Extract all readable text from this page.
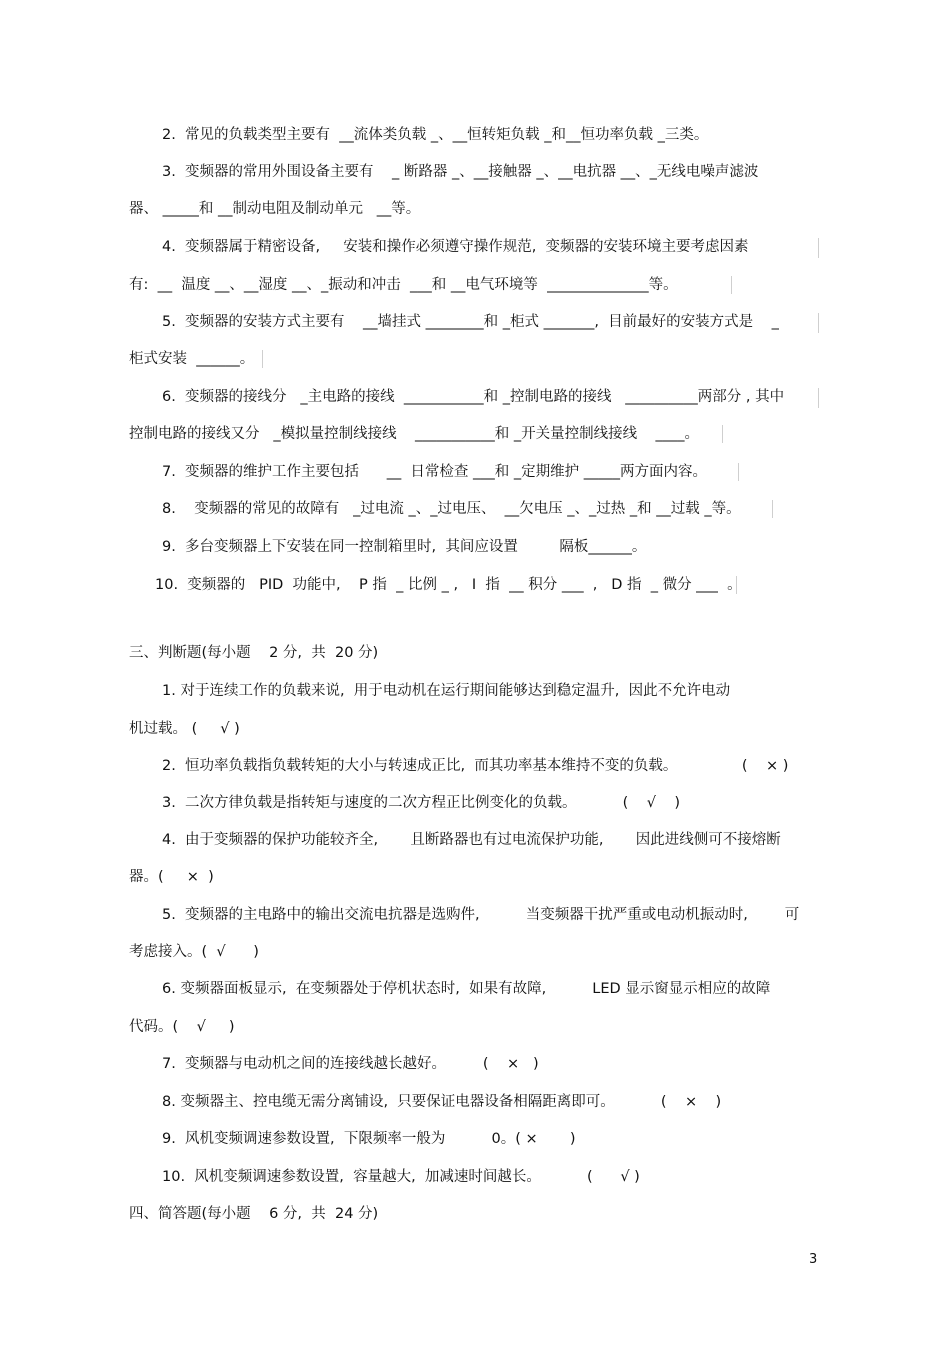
2.  常见的负载类型主要有  __流体类负载 _、__恒转矩负载 _和__恒功率负载 _三类。
3.  变频器的常用外围设备主要有    _ 断路器 _、__接触器 _、__电抗器 __、_无线电噪声滤波
器、 _____和 __制动电阻及制动单元   __等。
4.  变频器属于精密设备,     安装和操作必须遵守操作规范,  变频器的安装环境主要考虑因素
有:  __  温度 __、__湿度 __、_振动和冲击  ___和 __电气环境等  ______________等。
5.  变频器的安装方式主要有    __墙挂式 ________和 _柜式 _______,  目前最好的安装方式是    _
柜式安装  ______。
6.  变频器的接线分   _主电路的接线  ___________和 _控制电路的接线   __________两部分 , 其中
控制电路的接线又分   _模拟量控制线接线    ___________和 _开关量控制线接线    ____。
7.  变频器的维护工作主要包括      __  日常检查 ___和 _定期维护 _____两方面内容。
8.    变频器的常见的故障有   _过电流 _、_过电压、  __欠电压 _、_过热 _和 __过载 _等。
9.  多台变频器上下安装在同一控制箱里时,  其间应设置         隔板______。
10.  变频器的   PID  功能中,    P 指  _ 比例 _ ,   I  指  __ 积分 ___  ,   D 指  _ 微分 ___  。
三、判断题(每小题    2 分,  共  20 分)
1. 对于连续工作的负载来说,  用于电动机在运行期间能够达到稳定温升,  因此不允许电动
机过载。 (     √ )
2.  恒功率负载指负载转矩的大小与转速成正比,  而其功率基本维持不变的负载。              (    × )
3.  二次方律负载是指转矩与速度的二次方程正比例变化的负载。          (    √    )
4.  由于变频器的保护功能较齐全,       且断路器也有过电流保护功能,       因此进线侧可不接熔断
器。(     ×  )
5.  变频器的主电路中的输出交流电抗器是选购件,          当变频器干扰严重或电动机振动时,        可
考虑接入。(  √      )
6. 变频器面板显示,  在变频器处于停机状态时,  如果有故障,          LED 显示窗显示相应的故障
代码。(    √     )
7.  变频器与电动机之间的连接线越长越好。        (    ×   )
8. 变频器主、控电缆无需分离铺设,  只要保证电器设备相隔距离即可。          (    ×    )
9.  风机变频调速参数设置,  下限频率一般为          0。( ×       )
10.  风机变频调速参数设置,  容量越大,  加减速时间越长。          (      √ )
四、简答题(每小题    6 分,  共  24 分)
3
